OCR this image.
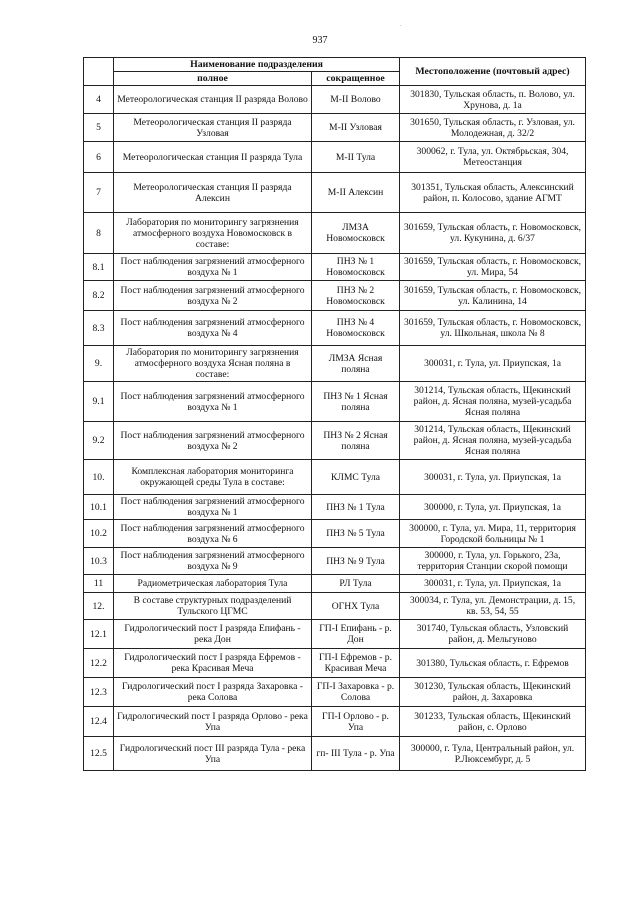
937
	Наименование подразделения		Местоположение (почтовый адрес)
	полное	сокращенное	
4	Метеорологическая станция II разряда Волово	М-II Волово	301830, Тульская область, п. Волово, ул. Хрунова, д. 1а
5	Метеорологическая станция II разряда Узловая	М-II Узловая	301650, Тульская область, г. Узловая, ул. Молодежная, д. 32/2
6	Метеорологическая станция II разряда Тула	М-II Тула	300062, г. Тула, ул. Октябрьская, 304, Метеостанция
7	Метеорологическая станция II разряда Алексин	М-II Алексин	301351, Тульская область, Алексинский район, п. Колосово, здание АГМТ
8	Лаборатория по мониторингу загрязнения атмосферного воздуха Новомосковск в составе:	ЛМЗА Новомосковск	301659, Тульская область, г. Новомосковск, ул. Кукунина, д. 6/37
8.1	Пост наблюдения загрязнений атмосферного воздуха № 1	ПНЗ № 1 Новомосковск	301659, Тульская область, г. Новомосковск, ул. Мира, 54
8.2	Пост наблюдения загрязнений атмосферного воздуха № 2	ПНЗ № 2 Новомосковск	301659, Тульская область, г. Новомосковск, ул. Калинина, 14
8.3	Пост наблюдения загрязнений атмосферного воздуха № 4	ПНЗ № 4 Новомосковск	301659, Тульская область, г. Новомосковск, ул. Школьная, школа № 8
9.	Лаборатория по мониторингу загрязнения атмосферного воздуха Ясная поляна в составе:	ЛМЗА Ясная поляна	300031, г. Тула, ул. Приупская, 1а
9.1	Пост наблюдения загрязнений атмосферного воздуха № 1	ПНЗ № 1 Ясная поляна	301214, Тульская область, Щекинский район, д. Ясная поляна, музей-усадьба Ясная поляна
9.2	Пост наблюдения загрязнений атмосферного воздуха № 2	ПНЗ № 2 Ясная поляна	301214, Тульская область, Щекинский район, д. Ясная поляна, музей-усадьба Ясная поляна
10.	Комплексная лаборатория мониторинга окружающей среды Тула в составе:	КЛМС Тула	300031, г. Тула, ул. Приупская, 1а
10.1	Пост наблюдения загрязнений атмосферного воздуха № 1	ПНЗ № 1 Тула	300000, г. Тула, ул. Приупская, 1а
10.2	Пост наблюдения загрязнений атмосферного воздуха № 6	ПНЗ № 5 Тула	300000, г. Тула, ул. Мира, 11, территория Городской больницы № 1
10.3	Пост наблюдения загрязнений атмосферного воздуха № 9	ПНЗ № 9 Тула	300000, г. Тула, ул. Горького, 23а, территория Станции скорой помощи
11	Радиометрическая лаборатория Тула	РЛ Тула	300031, г. Тула, ул. Приупская, 1а
12.	В составе структурных подразделений Тульского ЦГМС	ОГНХ Тула	300034, г. Тула, ул. Демонстрации, д. 15, кв. 53, 54, 55
12.1	Гидрологический пост I разряда Епифань - река Дон	ГП-I Епифань - р. Дон	301740, Тульская область, Узловский район, д. Мельгуново
12.2	Гидрологический пост I разряда Ефремов - река Красивая Меча	ГП-I Ефремов - р. Красивая Меча	301380, Тульская область, г. Ефремов
12.3	Гидрологический пост I разряда Захаровка - река Солова	ГП-I Захаровка - р. Солова	301230, Тульская область, Щекинский район, д. Захаровка
12.4	Гидрологический пост I разряда Орлово - река Упа	ГП-I Орлово - р. Упа	301233, Тульская область, Щекинский район, с. Орлово
12.5	Гидрологический пост III разряда Тула - река Упа	гп- III Тула - р. Упа	300000, г. Тула, Центральный район, ул. Р.Люксембург, д. 5
.
